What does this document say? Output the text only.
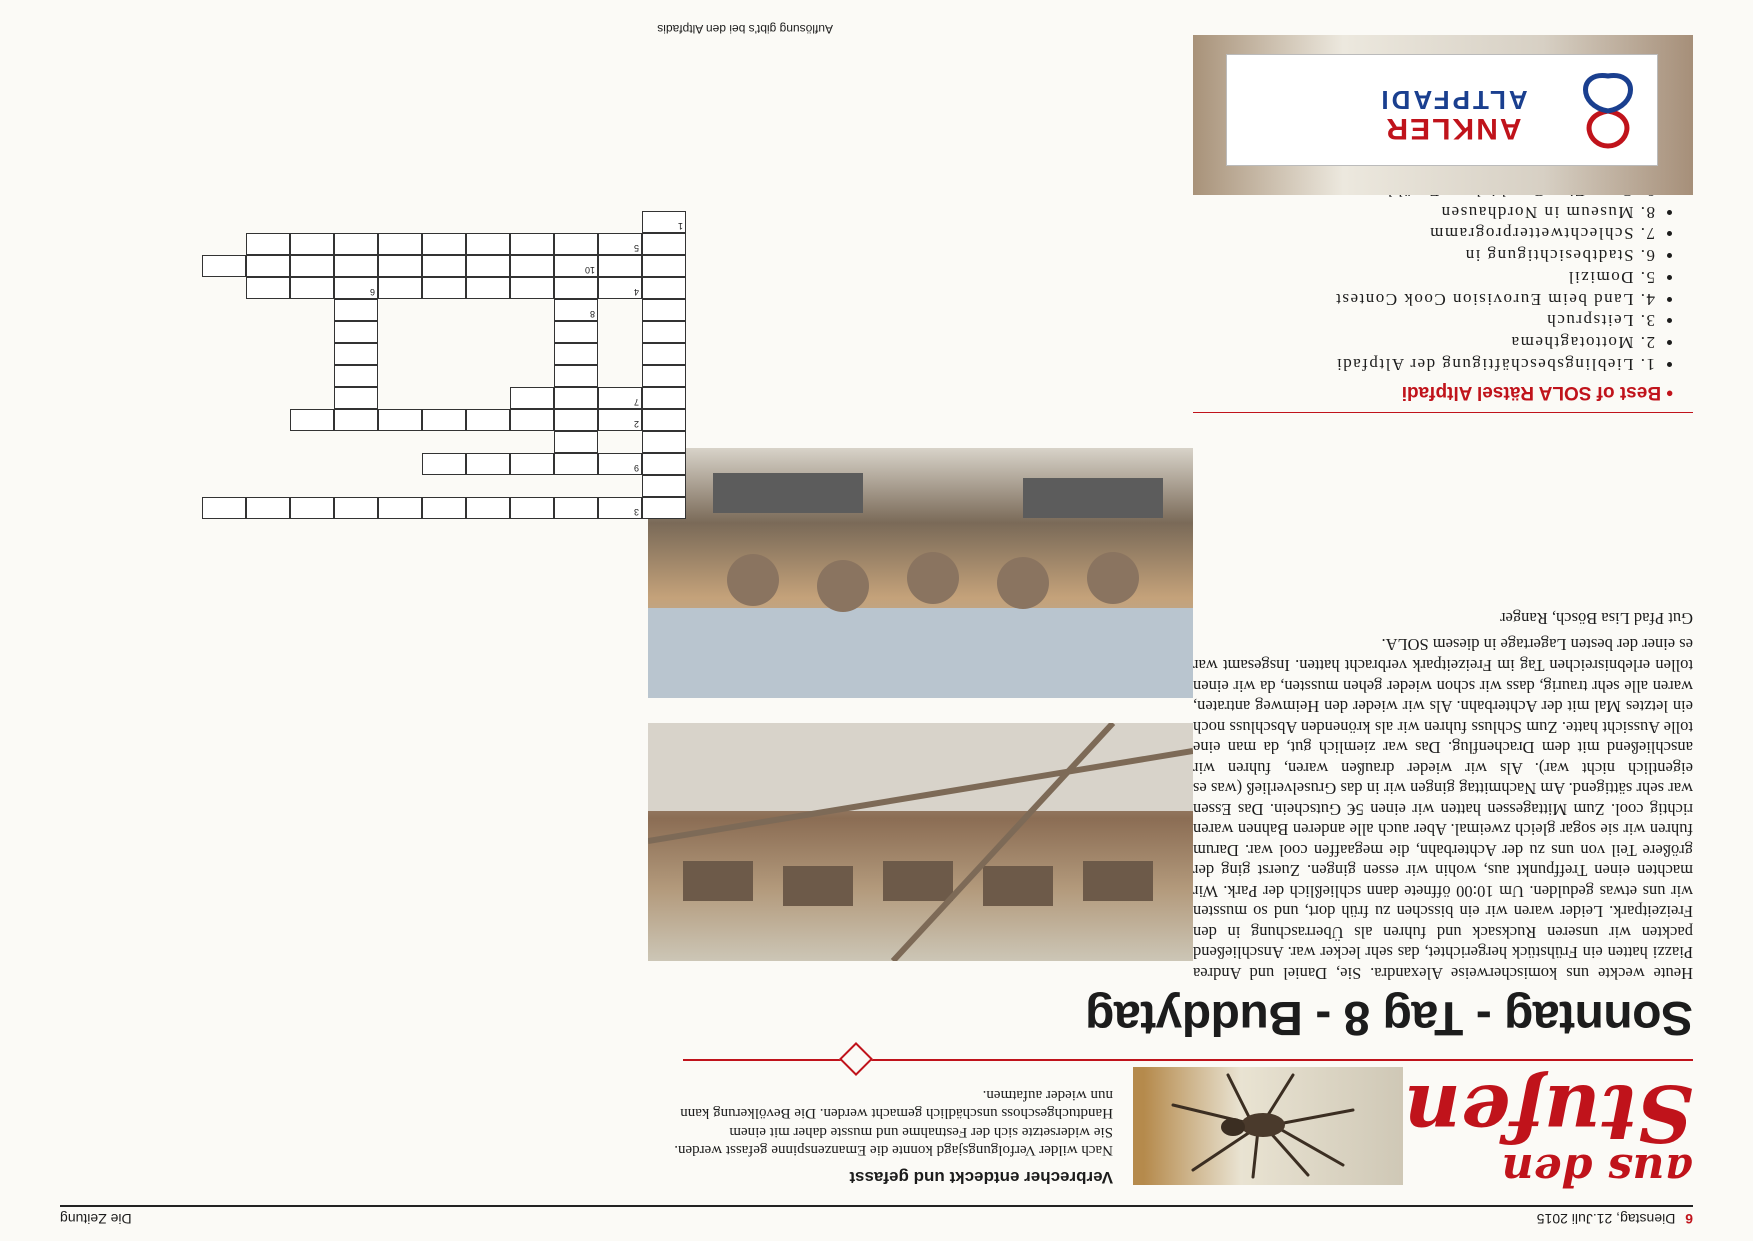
6 Dienstag, 21.Juli 2015
Die Zeitung
aus den
Stufen
Verbrecher entdeckt und gefasst
Nach wilder Verfolgungsjagd konnte die Emanzenspinne gefasst werden. Sie widersetzte sich der Festnahme und musste daher mit einem Handtuchgeschoss unschädlich gemacht werden. Die Bevölkerung kann nun wieder aufatmen.
Sonntag - Tag 8 - Buddytag
Heute weckte uns komischerweise Alexandra. Sie, Daniel und Andrea Piazzi hatten ein Frühstück hergerichtet, das sehr lecker war. Anschließend packten wir unseren Rucksack und fuhren als Überraschung in den Freizeitpark. Leider waren wir ein bisschen zu früh dort, und so mussten wir uns etwas gedulden. Um 10:00 öffnete dann schließlich der Park. Wir machten einen Treffpunkt aus, wohin wir essen gingen. Zuerst ging der größere Teil von uns zu der Achterbahn, die megaaffen cool war. Darum fuhren wir sie sogar gleich zweimal. Aber auch alle anderen Bahnen waren richtig cool. Zum Mittagessen hatten wir einen 5€ Gutschein. Das Essen war sehr sättigend. Am Nachmittag gingen wir in das Gruselverließ (was es eigentlich nicht war). Als wir wieder draußen waren, fuhren wir anschließend mit dem Drachenflug. Das war ziemlich gut, da man eine tolle Aussicht hatte. Zum Schluss fuhren wir als krönenden Abschluss noch ein letztes Mal mit der Achterbahn. Als wir wieder den Heimweg antraten, waren alle sehr traurig, dass wir schon wieder gehen mussten, da wir einen tollen erlebnisreichen Tag im Freizeitpark verbracht hatten. Insgesamt war es einer der besten Lagertage in diesem SOLA.
Gut Pfad Lisa Bösch, Ranger
• Best of SOLA Rätsel Altpfadi
• 1. Lieblingsbeschäftigung der Altpfadi
• 2. Mottotagthema
• 3. Leitspruch
• 4. Land beim Eurovision Cook Contest
• 5. Domizil
• 6. Stadtbesichtigung in
• 7. Schlechtwetterprogramm
• 8. Museum in Nordhausen
•
•
ANKLER
ALTPFADI
1
5
10
9
4
8
7
2
6
3
Auflösung gibt's bei den Altpfadis
